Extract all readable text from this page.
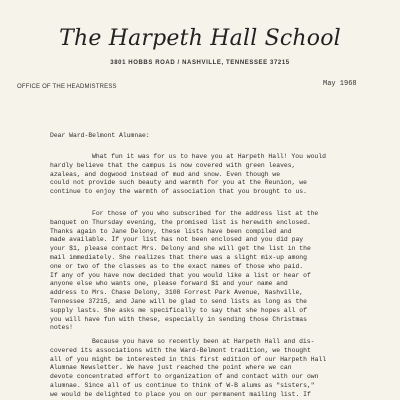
The Harpeth Hall School
3801 HOBBS ROAD / NASHVILLE, TENNESSEE 37215
OFFICE OF THE HEADMISTRESS	May 1968
Dear Ward-Belmont Alumnae:
What fun it was for us to have you at Harpeth Hall! You would
hardly believe that the campus is now covered with green leaves,
azaleas, and dogwood instead of mud and snow. Even though we
could not provide such beauty and warmth for you at the Reunion, we
continue to enjoy the warmth of association that you brought to us.
For those of you who subscribed for the address list at the
banquet on Thursday evening, the promised list is herewith enclosed.
Thanks again to Jane Delony, these lists have been compiled and
made available. If your list has not been enclosed and you did pay
your $1, please contact Mrs. Delony and she will get the list in the
mail immediately. She realizes that there was a slight mix-up among
one or two of the classes as to the exact names of those who paid.
If any of you have now decided that you would like a list or hear of
anyone else who wants one, please forward $1 and your name and
address to Mrs. Chase Delony, 3108 Forrest Park Avenue, Nashville,
Tennessee 37215, and Jane will be glad to send lists as long as the
supply lasts. She asks me specifically to say that she hopes all of
you will have fun with these, especially in sending those Christmas
notes!
Because you have so recently been at Harpeth Hall and dis-
covered its associations with the Ward-Belmont tradition, we thought
all of you might be interested in this first edition of our Harpeth Hall
Alumnae Newsletter. We have just reached the point where we can
devote concentrated effort to organization of and contact with our own
alumnae. Since all of us continue to think of W-B alums as "sisters,"
we would be delighted to place you on our permanent mailing list. If
